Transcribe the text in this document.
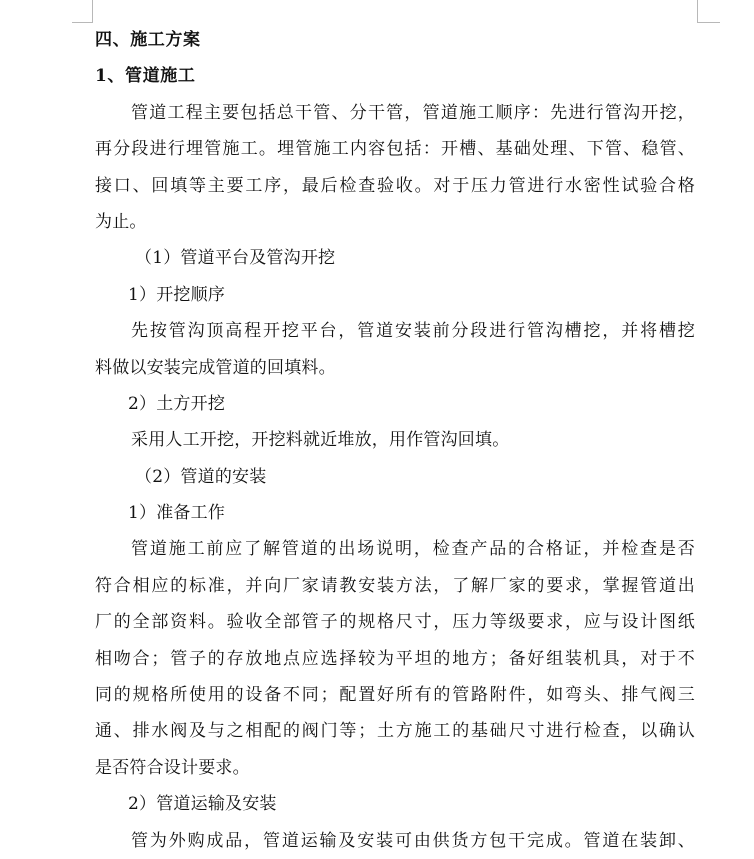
四、施工方案
1、管道施工
管道工程主要包括总干管、分干管，管道施工顺序：先进行管沟开挖，
再分段进行埋管施工。埋管施工内容包括：开槽、基础处理、下管、稳管、
接口、回填等主要工序，最后检查验收。对于压力管进行水密性试验合格
为止。
（1）管道平台及管沟开挖
1）开挖顺序
先按管沟顶高程开挖平台，管道安装前分段进行管沟槽挖，并将槽挖
料做以安装完成管道的回填料。
2）土方开挖
采用人工开挖，开挖料就近堆放，用作管沟回填。
（2）管道的安装
1）准备工作
管道施工前应了解管道的出场说明，检查产品的合格证，并检查是否
符合相应的标准，并向厂家请教安装方法，了解厂家的要求，掌握管道出
厂的全部资料。验收全部管子的规格尺寸，压力等级要求，应与设计图纸
相吻合；管子的存放地点应选择较为平坦的地方；备好组装机具，对于不
同的规格所使用的设备不同；配置好所有的管路附件，如弯头、排气阀三
通、排水阀及与之相配的阀门等；土方施工的基础尺寸进行检查，以确认
是否符合设计要求。
2）管道运输及安装
管为外购成品，管道运输及安装可由供货方包干完成。管道在装卸、
